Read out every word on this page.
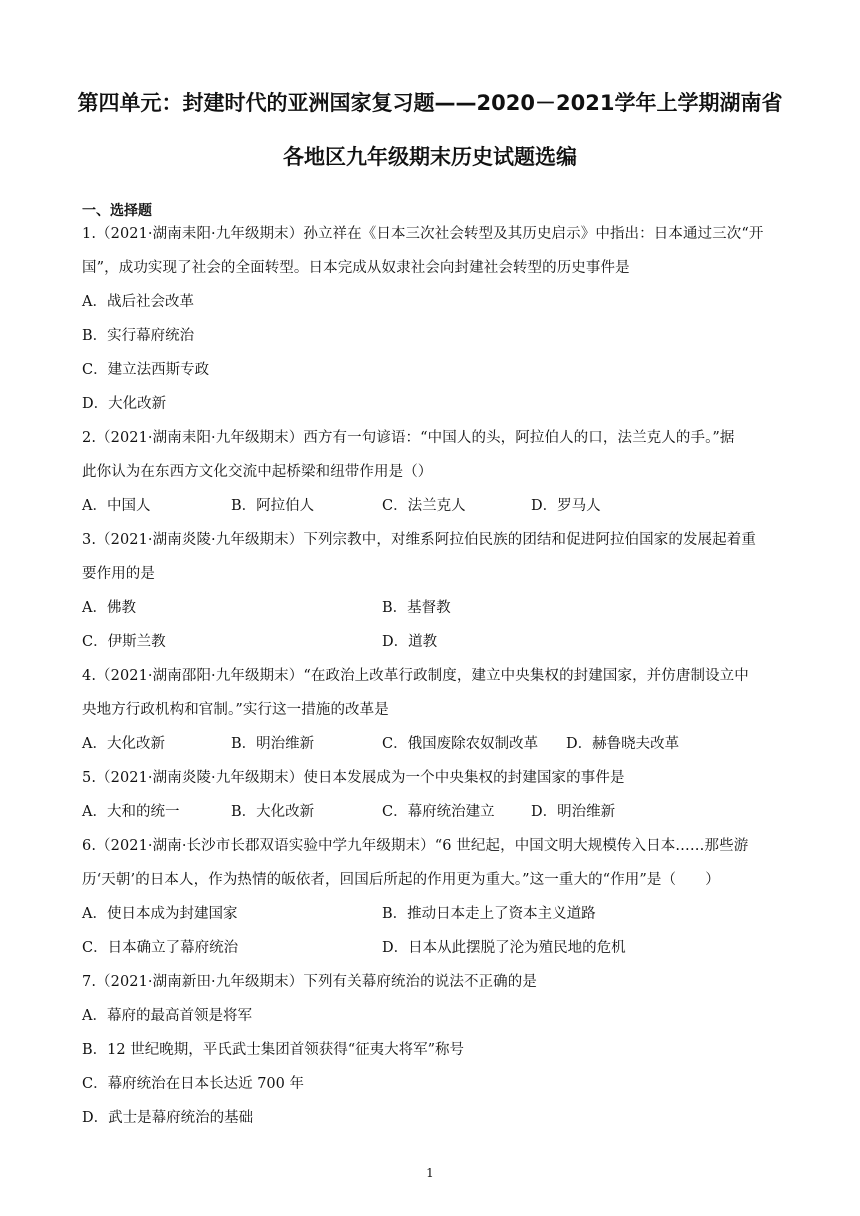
第四单元：封建时代的亚洲国家复习题——2020－2021学年上学期湖南省
各地区九年级期末历史试题选编
一、选择题
1.（2021·湖南耒阳·九年级期末）孙立祥在《日本三次社会转型及其历史启示》中指出：日本通过三次“开
国”，成功实现了社会的全面转型。日本完成从奴隶社会向封建社会转型的历史事件是
A．战后社会改革
B．实行幕府统治
C．建立法西斯专政
D．大化改新
2.（2021·湖南耒阳·九年级期末）西方有一句谚语：“中国人的头，阿拉伯人的口，法兰克人的手。”据
此你认为在东西方文化交流中起桥梁和纽带作用是（）
A．中国人	B．阿拉伯人	C．法兰克人	D．罗马人
3.（2021·湖南炎陵·九年级期末）下列宗教中，对维系阿拉伯民族的团结和促进阿拉伯国家的发展起着重
要作用的是
A．佛教	B．基督教
C．伊斯兰教	D．道教
4.（2021·湖南邵阳·九年级期末）“在政治上改革行政制度，建立中央集权的封建国家，并仿唐制设立中
央地方行政机构和官制。”实行这一措施的改革是
A．大化改新	B．明治维新	C．俄国废除农奴制改革 D．赫鲁晓夫改革
5.（2021·湖南炎陵·九年级期末）使日本发展成为一个中央集权的封建国家的事件是
A．大和的统一	B．大化改新	C．幕府统治建立	D．明治维新
6.（2021·湖南·长沙市长郡双语实验中学九年级期末）“6 世纪起，中国文明大规模传入日本……那些游
历‘天朝’的日本人，作为热情的皈依者，回国后所起的作用更为重大。”这一重大的“作用”是（　　）
A．使日本成为封建国家	B．推动日本走上了资本主义道路
C．日本确立了幕府统治	D．日本从此摆脱了沦为殖民地的危机
7.（2021·湖南新田·九年级期末）下列有关幕府统治的说法不正确的是
A．幕府的最高首领是将军
B．12 世纪晚期，平氏武士集团首领获得“征夷大将军”称号
C．幕府统治在日本长达近 700 年
D．武士是幕府统治的基础
1
